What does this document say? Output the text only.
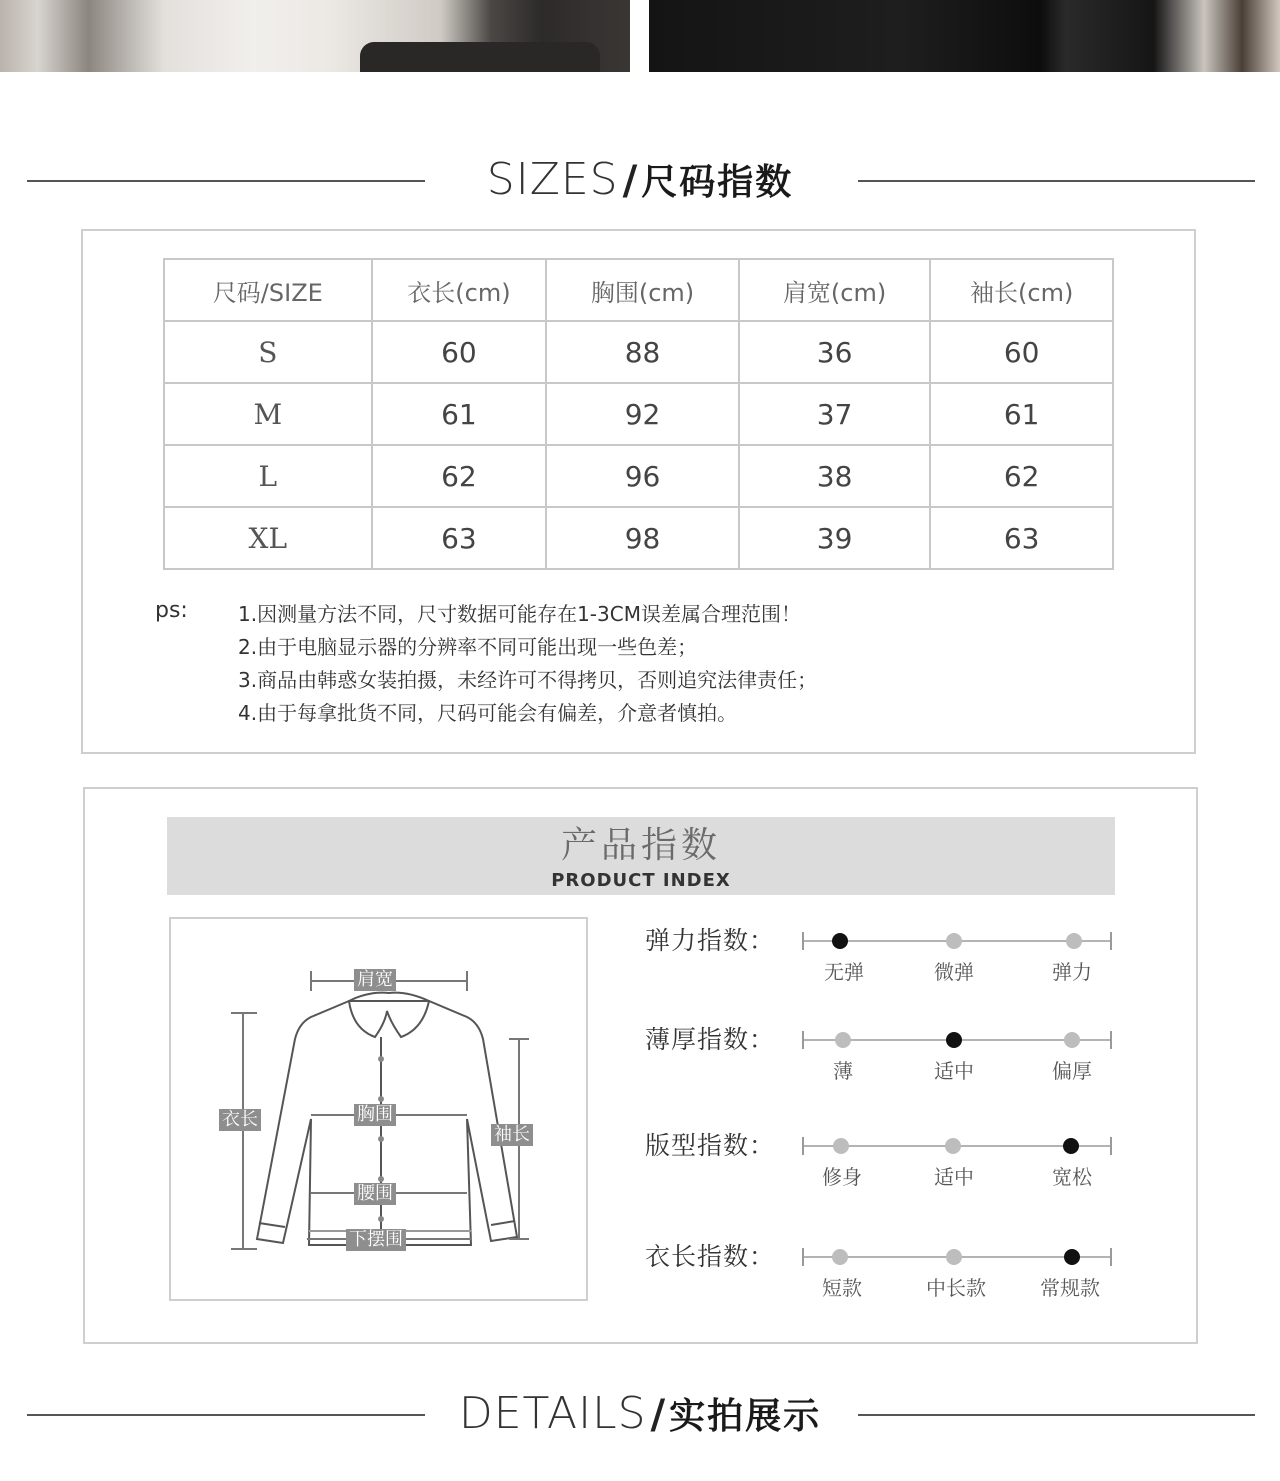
SIZES / 尺码指数
尺码/SIZE	衣长(cm)	胸围(cm)	肩宽(cm)	袖长(cm)
S	60	88	36	60
M	61	92	37	61
L	62	96	38	62
XL	63	98	39	63
ps:	1.因测量方法不同，尺寸数据可能存在1-3CM误差属合理范围！
2.由于电脑显示器的分辨率不同可能出现一些色差；
3.商品由韩惑女装拍摄，未经许可不得拷贝，否则追究法律责任；
4.由于每拿批货不同，尺码可能会有偏差，介意者慎拍。
产品指数
PRODUCT INDEX
肩宽
衣长	胸围
袖长
腰围
下摆围
弹力指数：
无弹	微弹	弹力
薄厚指数：
薄	适中	偏厚
版型指数：
修身	适中	宽松
衣长指数：
短款	中长款	常规款
DETAILS / 实拍展示
